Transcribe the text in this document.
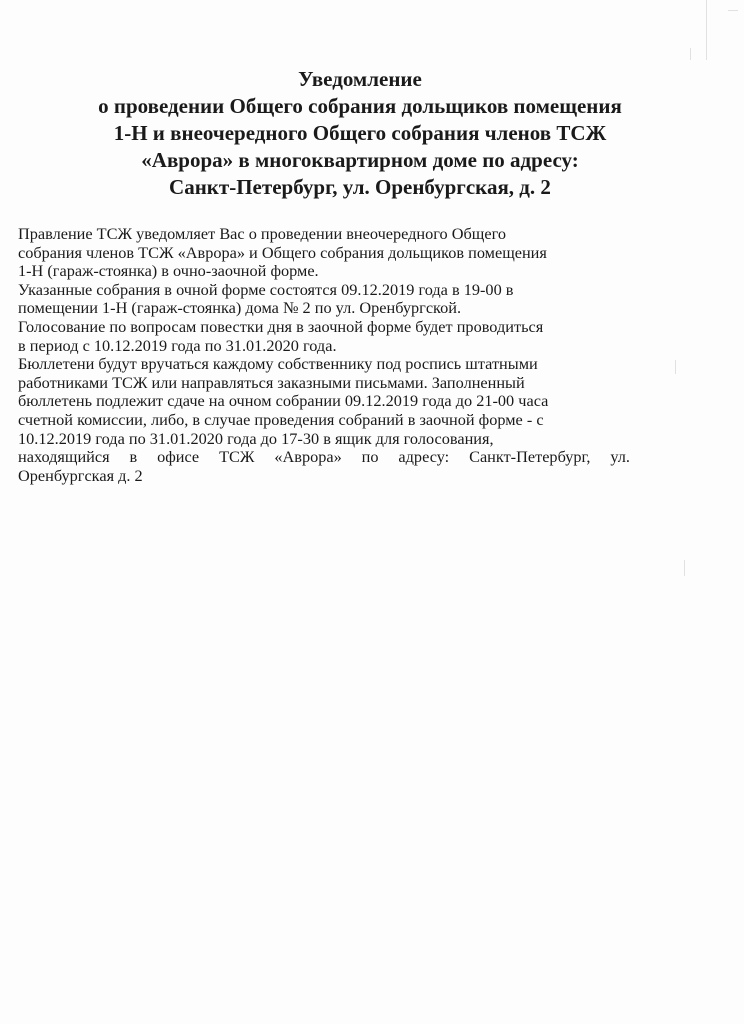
Уведомление
о проведении Общего собрания дольщиков помещения
1-Н и внеочередного Общего собрания членов ТСЖ
«Аврора» в многоквартирном доме по адресу:
Санкт-Петербург, ул. Оренбургская, д. 2
Правление ТСЖ уведомляет Вас о проведении внеочередного Общего
собрания членов ТСЖ «Аврора» и Общего собрания дольщиков помещения
1-Н (гараж-стоянка) в очно-заочной форме.
Указанные собрания в очной форме состоятся 09.12.2019 года в 19-00 в
помещении 1-Н (гараж-стоянка) дома № 2 по ул. Оренбургской.
Голосование по вопросам повестки дня в заочной форме будет проводиться
в период с 10.12.2019 года по 31.01.2020 года.
Бюллетени будут вручаться каждому собственнику под роспись штатными
работниками ТСЖ или направляться заказными письмами. Заполненный
бюллетень подлежит сдаче на очном собрании 09.12.2019 года до 21-00 часа
счетной комиссии, либо, в случае проведения собраний в заочной форме - с
10.12.2019 года по 31.01.2020 года до 17-30 в ящик для голосования,
находящийся в офисе ТСЖ «Аврора» по адресу: Санкт-Петербург, ул.
Оренбургская д. 2
